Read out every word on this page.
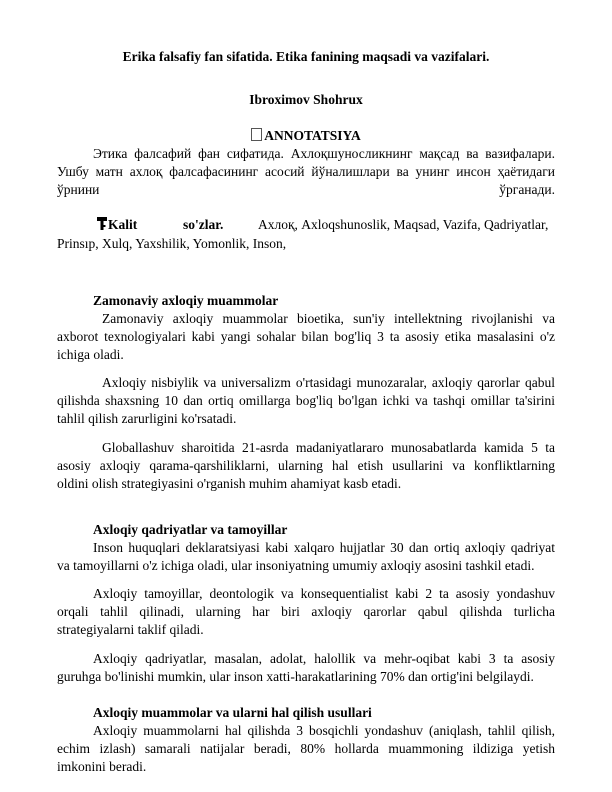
Erika falsafiy fan sifatida. Etika fanining maqsadi va vazifalari.
Ibroximov Shohrux
ANNOTATSIYA
Этика фалсафий фан сифатида. Ахлоқшуносликнинг мақсад ва вазифалари.
Ушбу матн ахлоқ фалсафасининг асосий йўналишлари ва унинг инсон ҳаётидаги
ўрнини	ўрганади.
Kalit	so'zlar.	Axлоқ, Axloqshunoslik, Maqsad, Vazifa, Qadriyatlar,
Prinsıp, Xulq, Yaxshilik, Yomonlik, Inson,
Zamonaviy axloqiy muammolar
Zamonaviy axloqiy muammolar bioetika, sun'iy intellektning rivojlanishi va
axborot texnologiyalari kabi yangi sohalar bilan bog'liq 3 ta asosiy etika masalasini o'z
ichiga oladi.
Axloqiy nisbiylik va universalizm o'rtasidagi munozaralar, axloqiy qarorlar qabul
qilishda shaxsning 10 dan ortiq omillarga bog'liq bo'lgan ichki va tashqi omillar ta'sirini
tahlil qilish zarurligini ko'rsatadi.
Globallashuv sharoitida 21-asrda madaniyatlararo munosabatlarda kamida 5 ta
asosiy axloqiy qarama-qarshiliklarni, ularning hal etish usullarini va konfliktlarning
oldini olish strategiyasini o'rganish muhim ahamiyat kasb etadi.
Axloqiy qadriyatlar va tamoyillar
Inson huquqlari deklaratsiyasi kabi xalqaro hujjatlar 30 dan ortiq axloqiy qadriyat
va tamoyillarni o'z ichiga oladi, ular insoniyatning umumiy axloqiy asosini tashkil etadi.
Axloqiy tamoyillar, deontologik va konsequentialist kabi 2 ta asosiy yondashuv
orqali tahlil qilinadi, ularning har biri axloqiy qarorlar qabul qilishda turlicha
strategiyalarni taklif qiladi.
Axloqiy qadriyatlar, masalan, adolat, halollik va mehr-oqibat kabi 3 ta asosiy
guruhga bo'linishi mumkin, ular inson xatti-harakatlarining 70% dan ortig'ini belgilaydi.
Axloqiy muammolar va ularni hal qilish usullari
Axloqiy muammolarni hal qilishda 3 bosqichli yondashuv (aniqlash, tahlil qilish,
echim izlash) samarali natijalar beradi, 80% hollarda muammoning ildiziga yetish
imkonini beradi.
